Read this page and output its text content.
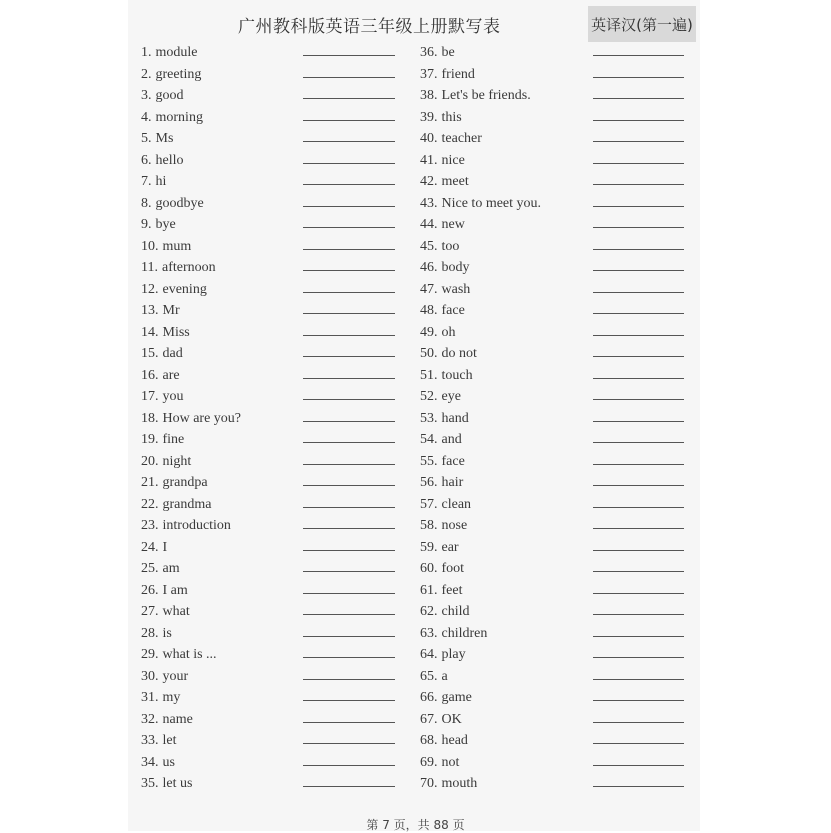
广州教科版英语三年级上册默写表	英译汉(第一遍)
1. module
2. greeting
3. good
4. morning
5. Ms
6. hello
7. hi
8. goodbye
9. bye
10. mum
11. afternoon
12. evening
13. Mr
14. Miss
15. dad
16. are
17. you
18. How are you?
19. fine
20. night
21. grandpa
22. grandma
23. introduction
24. I
25. am
26. I am
27. what
28. is
29. what is ...
30. your
31. my
32. name
33. let
34. us
35. let us
36. be
37. friend
38. Let's be friends.
39. this
40. teacher
41. nice
42. meet
43. Nice to meet you.
44. new
45. too
46. body
47. wash
48. face
49. oh
50. do not
51. touch
52. eye
53. hand
54. and
55. face
56. hair
57. clean
58. nose
59. ear
60. foot
61. feet
62. child
63. children
64. play
65. a
66. game
67. OK
68. head
69. not
70. mouth
第 7 页，共 88 页
